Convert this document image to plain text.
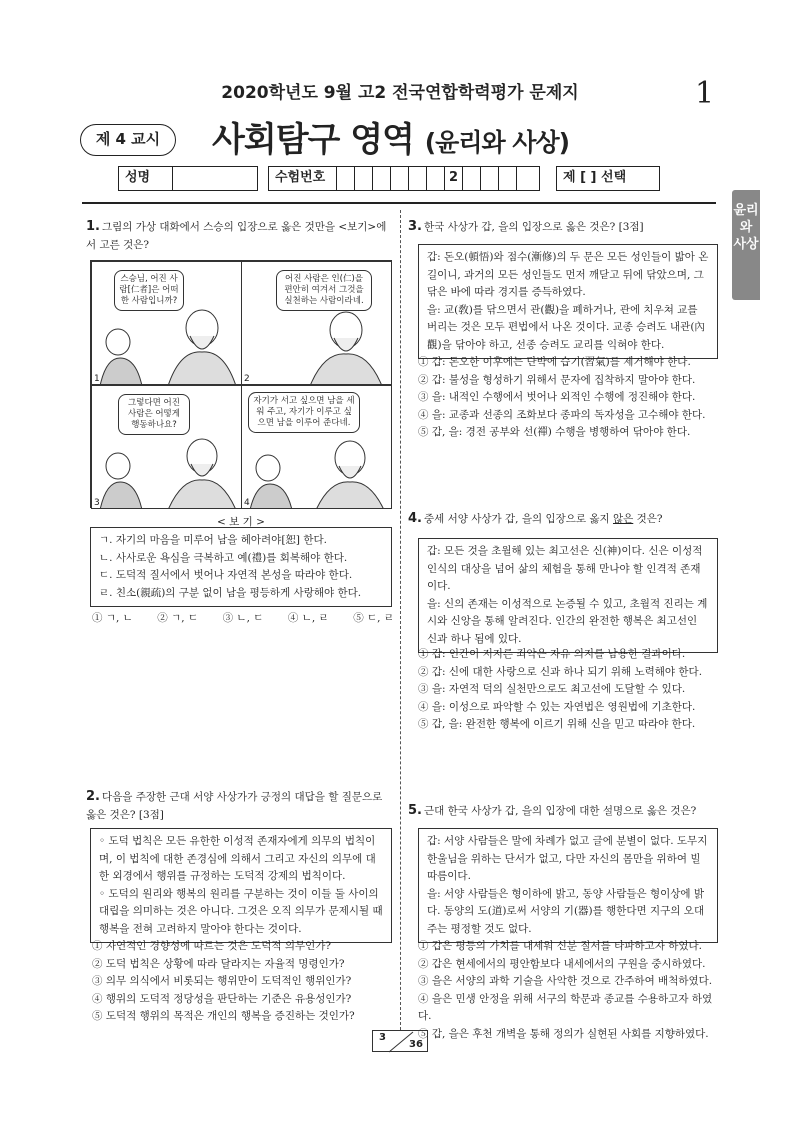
2020학년도 9월 고2 전국연합학력평가 문제지	1
제 4 교시	사회탐구 영역 (윤리와 사상)
성명	수험번호	2	제 [ ] 선택
윤리와 사상
1. 그림의 가상 대화에서 스승의 입장으로 옳은 것만을 <보기>에서 고른 것은?
스승님, 어진 사람[仁者]은 어떠한 사람입니까?
1
어진 사람은 인(仁)을 편안히 여겨서 그것을 실천하는 사람이라네.
2
그렇다면 어진 사람은 어떻게 행동하나요?
3
자기가 서고 싶으면 남을 세워 주고, 자기가 이루고 싶으면 남을 이루어 준다네.
4
< 보 기 >
ㄱ. 자기의 마음을 미루어 남을 헤아려야[恕] 한다.
ㄴ. 사사로운 욕심을 극복하고 예(禮)를 회복해야 한다.
ㄷ. 도덕적 질서에서 벗어나 자연적 본성을 따라야 한다.
ㄹ. 친소(親疏)의 구분 없이 남을 평등하게 사랑해야 한다.
① ㄱ, ㄴ ② ㄱ, ㄷ ③ ㄴ, ㄷ ④ ㄴ, ㄹ ⑤ ㄷ, ㄹ
2. 다음을 주장한 근대 서양 사상가가 긍정의 대답을 할 질문으로 옳은 것은? [3점]
◦ 도덕 법칙은 모든 유한한 이성적 존재자에게 의무의 법칙이며, 이 법칙에 대한 존경심에 의해서 그리고 자신의 의무에 대한 외경에서 행위를 규정하는 도덕적 강제의 법칙이다.
◦ 도덕의 원리와 행복의 원리를 구분하는 것이 이들 둘 사이의 대립을 의미하는 것은 아니다. 그것은 오직 의무가 문제시될 때 행복을 전혀 고려하지 말아야 한다는 것이다.
① 자연적인 경향성에 따르는 것은 도덕적 의무인가?
② 도덕 법칙은 상황에 따라 달라지는 자율적 명령인가?
③ 의무 의식에서 비롯되는 행위만이 도덕적인 행위인가?
④ 행위의 도덕적 정당성을 판단하는 기준은 유용성인가?
⑤ 도덕적 행위의 목적은 개인의 행복을 증진하는 것인가?
3. 한국 사상가 갑, 을의 입장으로 옳은 것은? [3점]
갑: 돈오(頓悟)와 점수(漸修)의 두 문은 모든 성인들이 밟아 온 길이니, 과거의 모든 성인들도 먼저 깨닫고 뒤에 닦았으며, 그 닦은 바에 따라 경지를 증득하였다.
을: 교(敎)를 닦으면서 관(觀)을 폐하거나, 관에 치우쳐 교를 버리는 것은 모두 편법에서 나온 것이다. 교종 승려도 내관(內觀)을 닦아야 하고, 선종 승려도 교리를 익혀야 한다.
① 갑: 돈오한 이후에는 단박에 습기(習氣)를 제거해야 한다.
② 갑: 불성을 형성하기 위해서 문자에 집착하지 말아야 한다.
③ 을: 내적인 수행에서 벗어나 외적인 수행에 정진해야 한다.
④ 을: 교종과 선종의 조화보다 종파의 독자성을 고수해야 한다.
⑤ 갑, 을: 경전 공부와 선(禪) 수행을 병행하여 닦아야 한다.
4. 중세 서양 사상가 갑, 을의 입장으로 옳지 않은 것은?
갑: 모든 것을 초월해 있는 최고선은 신(神)이다. 신은 이성적 인식의 대상을 넘어 삶의 체험을 통해 만나야 할 인격적 존재이다.
을: 신의 존재는 이성적으로 논증될 수 있고, 초월적 진리는 계시와 신앙을 통해 알려진다. 인간의 완전한 행복은 최고선인 신과 하나 됨에 있다.
① 갑: 인간이 저지른 죄악은 자유 의지를 남용한 결과이다.
② 갑: 신에 대한 사랑으로 신과 하나 되기 위해 노력해야 한다.
③ 을: 자연적 덕의 실천만으로도 최고선에 도달할 수 있다.
④ 을: 이성으로 파악할 수 있는 자연법은 영원법에 기초한다.
⑤ 갑, 을: 완전한 행복에 이르기 위해 신을 믿고 따라야 한다.
5. 근대 한국 사상가 갑, 을의 입장에 대한 설명으로 옳은 것은?
갑: 서양 사람들은 말에 차례가 없고 글에 분별이 없다. 도무지 한울님을 위하는 단서가 없고, 다만 자신의 몸만을 위하여 빌 따름이다.
을: 서양 사람들은 형이하에 밝고, 동양 사람들은 형이상에 밝다. 동양의 도(道)로써 서양의 기(器)를 행한다면 지구의 오대주는 평정할 것도 없다.
① 갑은 평등의 가치를 내세워 신분 질서를 타파하고자 하였다.
② 갑은 현세에서의 평안함보다 내세에서의 구원을 중시하였다.
③ 을은 서양의 과학 기술을 사악한 것으로 간주하여 배척하였다.
④ 을은 민생 안정을 위해 서구의 학문과 종교를 수용하고자 하였다.
⑤ 갑, 을은 후천 개벽을 통해 정의가 실현된 사회를 지향하였다.
3
36
